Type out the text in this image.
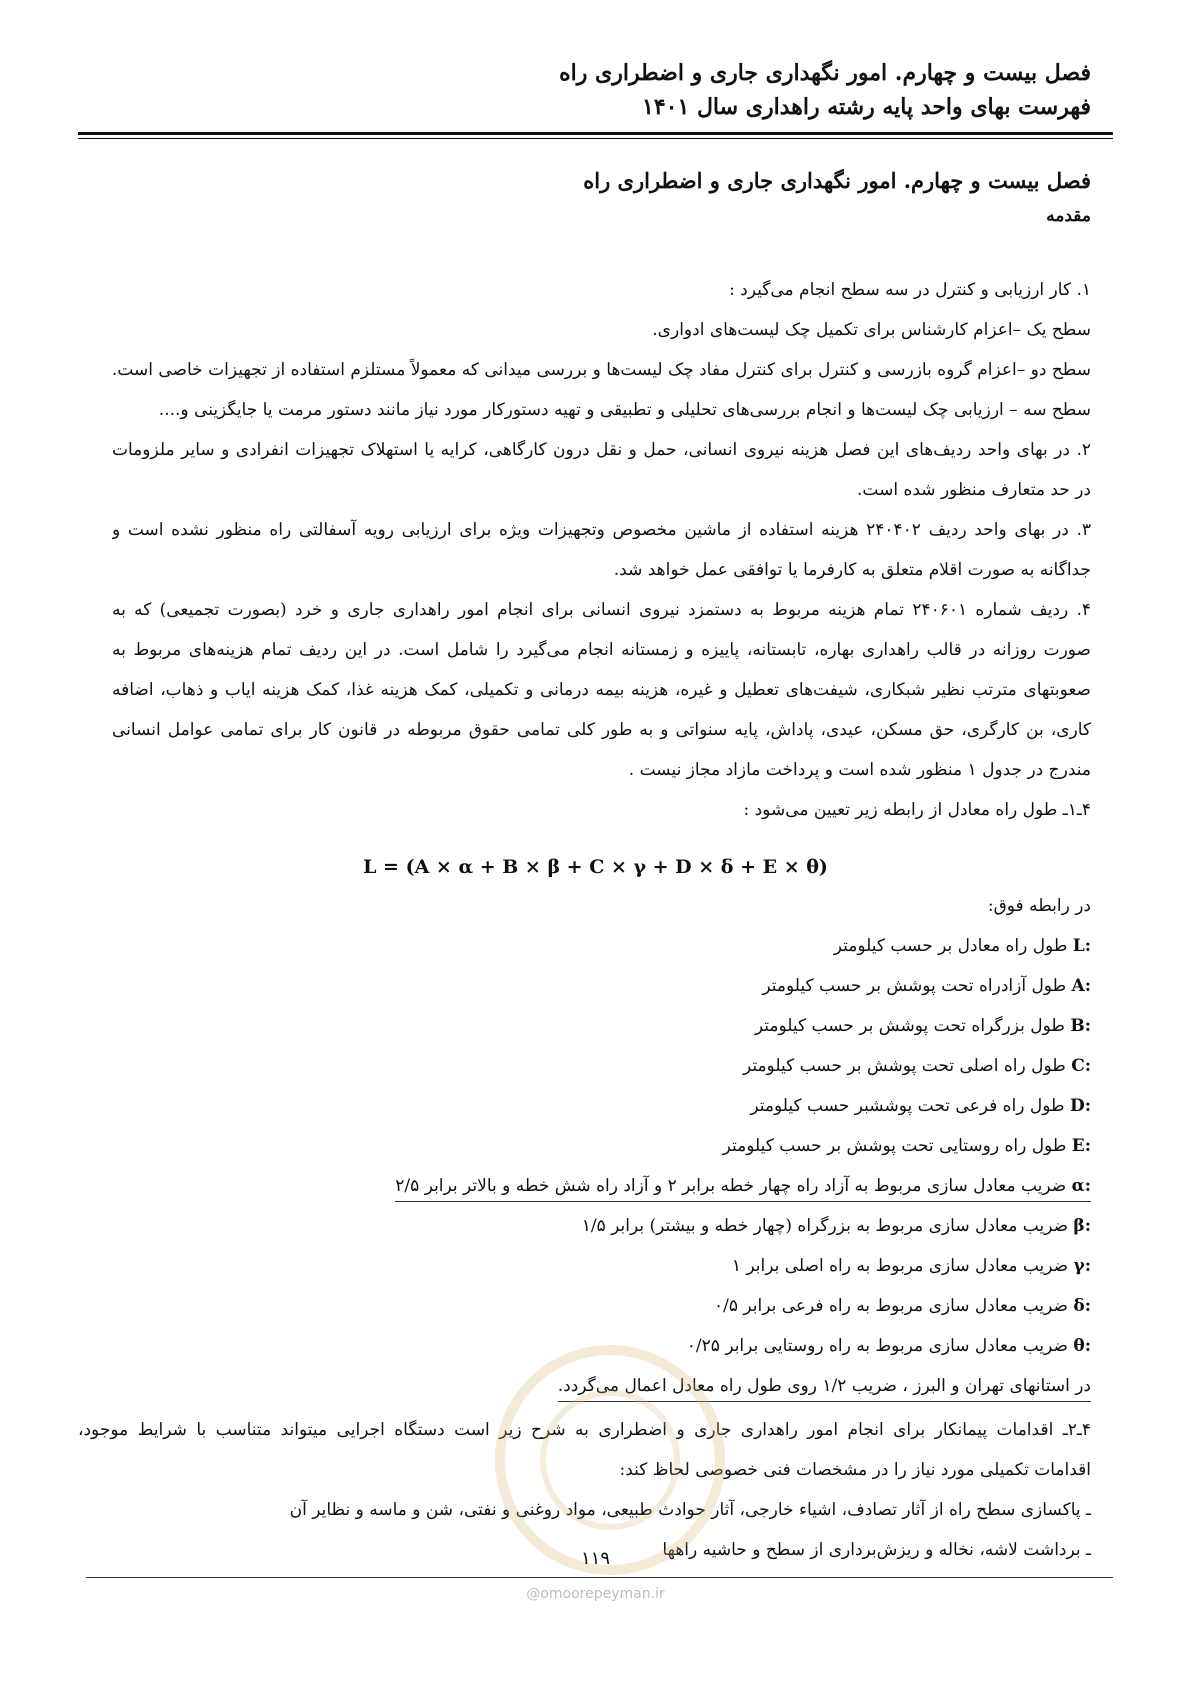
فصل بیست و چهارم. امور نگهداری جاری و اضطراری راه
فهرست بهای واحد پایه رشته راهداری سال ۱۴۰۱
فصل بیست و چهارم. امور نگهداری جاری و اضطراری راه
مقدمه
۱. کار ارزیابی و کنترل در سه سطح انجام می‌گیرد :
سطح یک –اعزام کارشناس برای تکمیل چک لیست‌های ادواری.
سطح دو –اعزام گروه بازرسی و کنترل برای کنترل مفاد چک لیست‌ها و بررسی میدانی که معمولاً مستلزم استفاده از تجهیزات خاصی است.
سطح سه – ارزیابی چک لیست‌ها و انجام بررسی‌های تحلیلی و تطبیقی و تهیه دستورکار مورد نیاز مانند دستور مرمت یا جایگزینی و....
۲. در بهای واحد ردیف‌های این فصل هزینه نیروی انسانی، حمل و نقل درون کارگاهی، کرایه یا استهلاک تجهیزات انفرادی و سایر ملزومات
در حد متعارف منظور شده است.
۳. در بهای واحد ردیف ۲۴۰۴۰۲ هزینه استفاده از ماشین مخصوص وتجهیزات ویژه برای ارزیابی رویه آسفالتی راه منظور نشده است و
جداگانه به صورت اقلام متعلق به کارفرما یا توافقی عمل خواهد شد.
۴. ردیف شماره ۲۴۰۶۰۱ تمام هزینه مربوط به دستمزد نیروی انسانی برای انجام امور راهداری جاری و خرد (بصورت تجمیعی) که به
صورت روزانه در قالب راهداری بهاره، تابستانه، پاییزه و زمستانه انجام می‌گیرد را شامل است. در این ردیف تمام هزینه‌های مربوط به
صعوبتهای مترتب نظیر شبکاری، شیفت‌های تعطیل و غیره، هزینه بیمه درمانی و تکمیلی، کمک هزینه غذا، کمک هزینه ایاب و ذهاب، اضافه
کاری، بن کارگری، حق مسکن، عیدی، پاداش، پایه سنواتی و به طور کلی تمامی حقوق مربوطه در قانون کار برای تمامی عوامل انسانی
مندرج در جدول ۱ منظور شده است و پرداخت مازاد مجاز نیست .
۴ـ۱ـ طول راه معادل از رابطه زیر تعیین می‌شود :
L = (A × α + B × β + C × γ + D × δ + E × θ)
در رابطه فوق:
L: طول راه معادل بر حسب کیلومتر
A: طول آزادراه تحت پوشش بر حسب کیلومتر
B: طول بزرگراه تحت پوشش بر حسب کیلومتر
C: طول راه اصلی تحت پوشش بر حسب کیلومتر
D: طول راه فرعی تحت پوششبر حسب کیلومتر
E: طول راه روستایی تحت پوشش بر حسب کیلومتر
α: ضریب معادل سازی مربوط به آزاد راه چهار خطه برابر ۲ و آزاد راه شش خطه و بالاتر برابر ۲/۵
β: ضریب معادل سازی مربوط به بزرگراه (چهار خطه و بیشتر) برابر ۱/۵
γ: ضریب معادل سازی مربوط به راه اصلی برابر ۱
δ: ضریب معادل سازی مربوط به راه فرعی برابر ۰/۵
θ: ضریب معادل سازی مربوط به راه روستایی برابر ۰/۲۵
در استانهای تهران و البرز ، ضریب ۱/۲ روی طول راه معادل اعمال می‌گردد.
۴ـ۲ـ اقدامات پیمانکار برای انجام امور راهداری جاری و اضطراری به شرح زیر است دستگاه اجرایی میتواند متناسب با شرایط موجود،
اقدامات تکمیلی مورد نیاز را در مشخصات فنی خصوصی لحاظ کند:
ـ پاکسازی سطح راه از آثار تصادف، اشیاء خارجی، آثار حوادث طبیعی، مواد روغنی و نفتی، شن و ماسه و نظایر آن
ـ برداشت لاشه، نخاله و ریزش‌برداری از سطح و حاشیه راهها
۱۱۹
@omoorepeyman.ir
